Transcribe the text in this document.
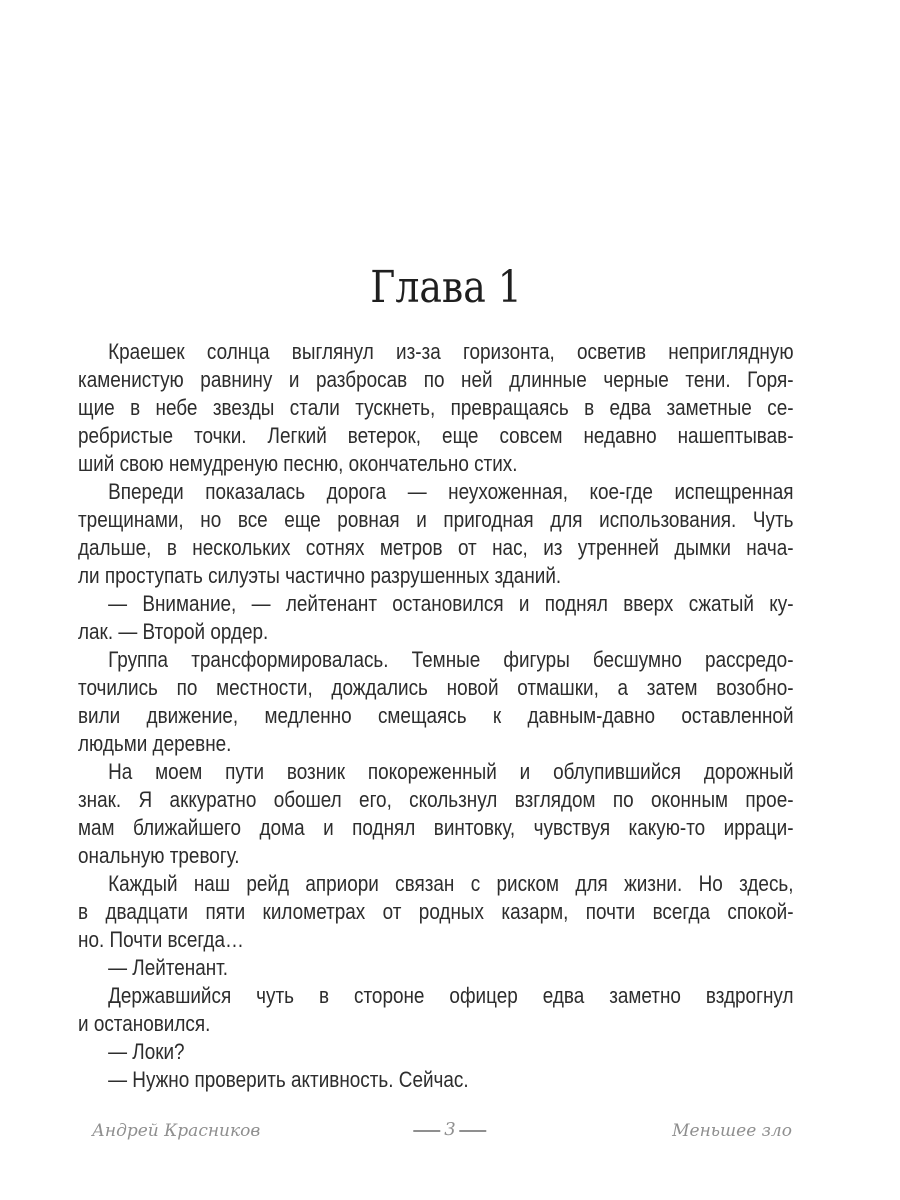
Глава 1
Краешек солнца выглянул из-за горизонта, осветив неприглядную
каменистую равнину и разбросав по ней длинные черные тени. Горя-
щие в небе звезды стали тускнеть, превращаясь в едва заметные се-
ребристые точки. Легкий ветерок, еще совсем недавно нашептывав-
ший свою немудреную песню, окончательно стих.
Впереди показалась дорога — неухоженная, кое-где испещренная
трещинами, но все еще ровная и пригодная для использования. Чуть
дальше, в нескольких сотнях метров от нас, из утренней дымки нача-
ли проступать силуэты частично разрушенных зданий.
— Внимание, — лейтенант остановился и поднял вверх сжатый ку-
лак. — Второй ордер.
Группа трансформировалась. Темные фигуры бесшумно рассредо-
точились по местности, дождались новой отмашки, а затем возобно-
вили движение, медленно смещаясь к давным-давно оставленной
людьми деревне.
На моем пути возник покореженный и облупившийся дорожный
знак. Я аккуратно обошел его, скользнул взглядом по оконным прое-
мам ближайшего дома и поднял винтовку, чувствуя какую-то ирраци-
ональную тревогу.
Каждый наш рейд априори связан с риском для жизни. Но здесь,
в двадцати пяти километрах от родных казарм, почти всегда спокой-
но. Почти всегда…
— Лейтенант.
Державшийся чуть в стороне офицер едва заметно вздрогнул
и остановился.
— Локи?
— Нужно проверить активность. Сейчас.
Андрей Красников	3	Меньшее зло
